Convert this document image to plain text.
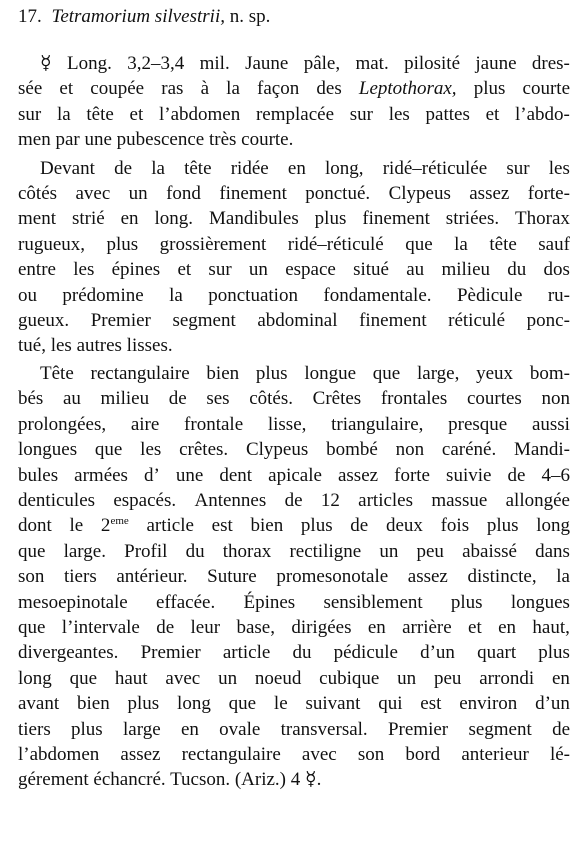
17. Tetramorium silvestrii, n. sp.
☿ Long. 3,2–3,4 mil. Jaune pâle, mat. pilosité jaune dres-
sée et coupée ras à la façon des Leptothorax, plus courte
sur la tête et l’abdomen remplacée sur les pattes et l’abdo-
men par une pubescence très courte.
Devant de la tête ridée en long, ridé–réticulée sur les
côtés avec un fond finement ponctué. Clypeus assez forte-
ment strié en long. Mandibules plus finement striées. Thorax
rugueux, plus grossièrement ridé–réticulé que la tête sauf
entre les épines et sur un espace situé au milieu du dos
ou prédomine la ponctuation fondamentale. Pèdicule ru-
gueux. Premier segment abdominal finement réticulé ponc-
tué, les autres lisses.
Tête rectangulaire bien plus longue que large, yeux bom-
bés au milieu de ses côtés. Crêtes frontales courtes non
prolongées, aire frontale lisse, triangulaire, presque aussi
longues que les crêtes. Clypeus bombé non caréné. Mandi-
bules armées d’ une dent apicale assez forte suivie de 4–6
denticules espacés. Antennes de 12 articles massue allongée
dont le 2eme article est bien plus de deux fois plus long
que large. Profil du thorax rectiligne un peu abaissé dans
son tiers antérieur. Suture promesonotale assez distincte, la
mesoepinotale effacée. Épines sensiblement plus longues
que l’intervale de leur base, dirigées en arrière et en haut,
divergeantes. Premier article du pédicule d’un quart plus
long que haut avec un noeud cubique un peu arrondi en
avant bien plus long que le suivant qui est environ d’un
tiers plus large en ovale transversal. Premier segment de
l’abdomen assez rectangulaire avec son bord anterieur lé-
gérement échancré. Tucson. (Ariz.) 4 ☿.
